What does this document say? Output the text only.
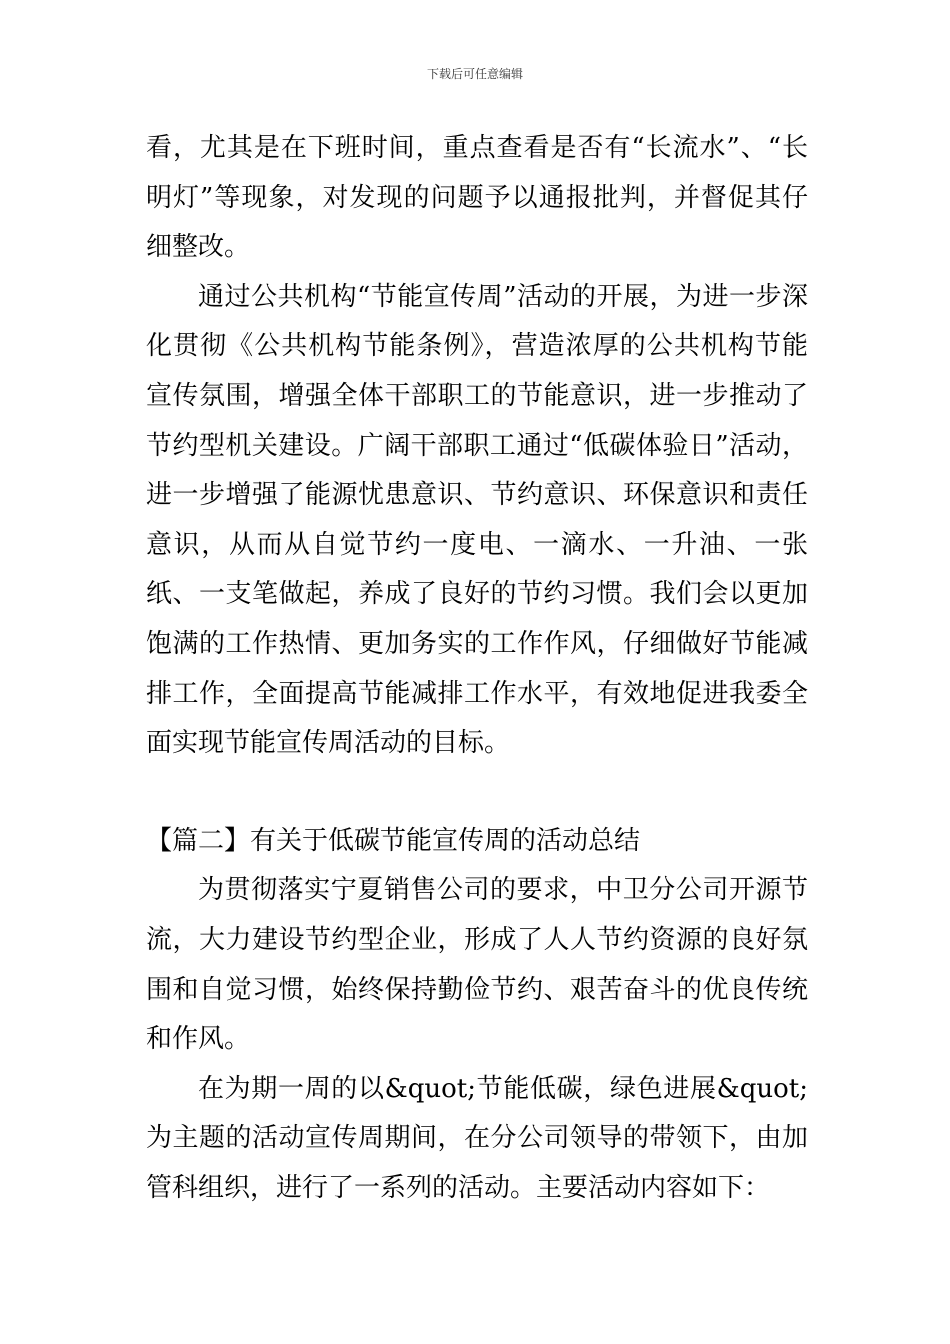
下载后可任意编辑

看，尤其是在下班时间，重点查看是否有“长流水”、“长明灯”等现象，对发现的问题予以通报批判，并督促其仔细整改。

通过公共机构“节能宣传周”活动的开展，为进一步深化贯彻《公共机构节能条例》，营造浓厚的公共机构节能宣传氛围，增强全体干部职工的节能意识，进一步推动了节约型机关建设。广阔干部职工通过“低碳体验日”活动，进一步增强了能源忧患意识、节约意识、环保意识和责任意识，从而从自觉节约一度电、一滴水、一升油、一张纸、一支笔做起，养成了良好的节约习惯。我们会以更加饱满的工作热情、更加务实的工作作风，仔细做好节能减排工作，全面提高节能减排工作水平，有效地促进我委全面实现节能宣传周活动的目标。

【篇二】有关于低碳节能宣传周的活动总结

为贯彻落实宁夏销售公司的要求，中卫分公司开源节流，大力建设节约型企业，形成了人人节约资源的良好氛围和自觉习惯，始终保持勤俭节约、艰苦奋斗的优良传统和作风。

在为期一周的以&quot;节能低碳，绿色进展&quot;为主题的活动宣传周期间，在分公司领导的带领下，由加管科组织，进行了一系列的活动。主要活动内容如下：
